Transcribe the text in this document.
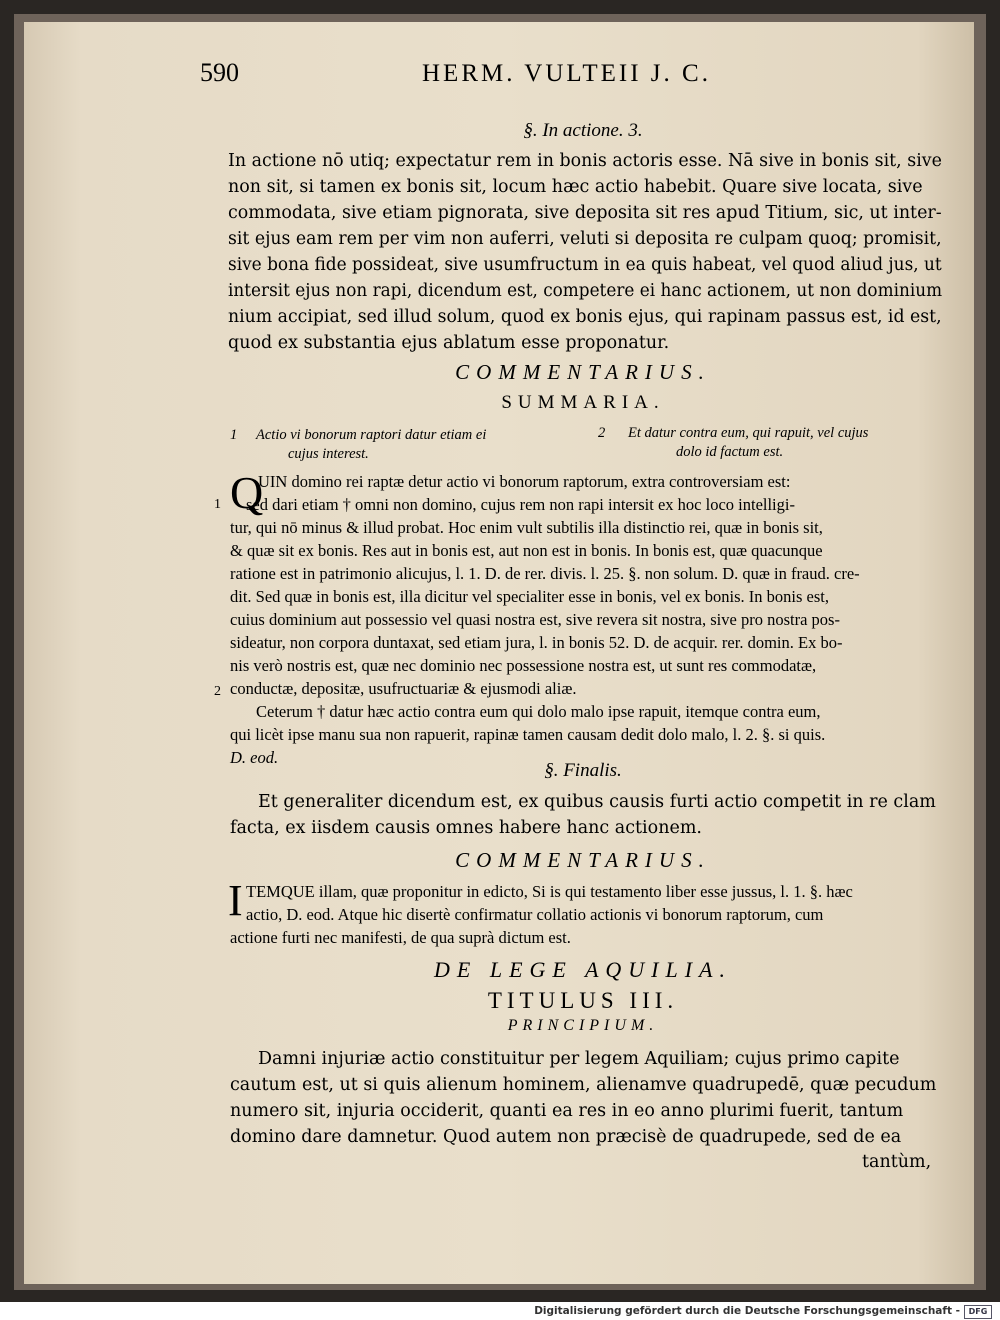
590	HERM. VULTEII J. C.
§. In actione. 3.
In actione nō utiq; expectatur rem in bonis actoris esse. Nā sive in bonis sit, sive
non sit, si tamen ex bonis sit, locum hæc actio habebit. Quare sive locata, sive
commodata, sive etiam pignorata, sive deposita sit res apud Titium, sic, ut inter-
sit ejus eam rem per vim non auferri, veluti si deposita re culpam quoq; promisit,
sive bona fide possideat, sive usumfructum in ea quis habeat, vel quod aliud jus, ut
intersit ejus non rapi, dicendum est, competere ei hanc actionem, ut non dominium
nium accipiat, sed illud solum, quod ex bonis ejus, qui rapinam passus est, id est,
quod ex substantia ejus ablatum esse proponatur.
COMMENTARIUS.
SUMMARIA.
1 Actio vi bonorum raptori datur etiam ei
cujus interest.
2 Et datur contra eum, qui rapuit, vel cujus
dolo id factum est.
Q
1
2
UIN domino rei raptæ detur actio vi bonorum raptorum, extra controversiam est:
sed dari etiam † omni non domino, cujus rem non rapi intersit ex hoc loco intelligi-
tur, qui nō minus & illud probat. Hoc enim vult subtilis illa distinctio rei, quæ in bonis sit,
& quæ sit ex bonis. Res aut in bonis est, aut non est in bonis. In bonis est, quæ quacunque
ratione est in patrimonio alicujus, l. 1. D. de rer. divis. l. 25. §. non solum. D. quæ in fraud. cre-
dit. Sed quæ in bonis est, illa dicitur vel specialiter esse in bonis, vel ex bonis. In bonis est,
cuius dominium aut possessio vel quasi nostra est, sive revera sit nostra, sive pro nostra pos-
sideatur, non corpora duntaxat, sed etiam jura, l. in bonis 52. D. de acquir. rer. domin. Ex bo-
nis verò nostris est, quæ nec dominio nec possessione nostra est, ut sunt res commodatæ,
conductæ, depositæ, usufructuariæ & ejusmodi aliæ.
Ceterum † datur hæc actio contra eum qui dolo malo ipse rapuit, itemque contra eum,
qui licèt ipse manu sua non rapuerit, rapinæ tamen causam dedit dolo malo, l. 2. §. si quis.
D. eod.
§. Finalis.
Et generaliter dicendum est, ex quibus causis furti actio competit in re clam
facta, ex iisdem causis omnes habere hanc actionem.
COMMENTARIUS.
I TEMQUE illam, quæ proponitur in edicto, Si is qui testamento liber esse jussus, l. 1. §. hæc
actio, D. eod. Atque hic disertè confirmatur collatio actionis vi bonorum raptorum, cum
actione furti nec manifesti, de qua suprà dictum est.
DE LEGE AQUILIA.
TITULUS III.
PRINCIPIUM.
Damni injuriæ actio constituitur per legem Aquiliam; cujus primo capite
cautum est, ut si quis alienum hominem, alienamve quadrupedē, quæ pecudum
numero sit, injuria occiderit, quanti ea res in eo anno plurimi fuerit, tantum
domino dare damnetur. Quod autem non præcisè de quadrupede, sed de ea
tantùm,
Digitalisierung gefördert durch die Deutsche Forschungsgemeinschaft -	DFG
